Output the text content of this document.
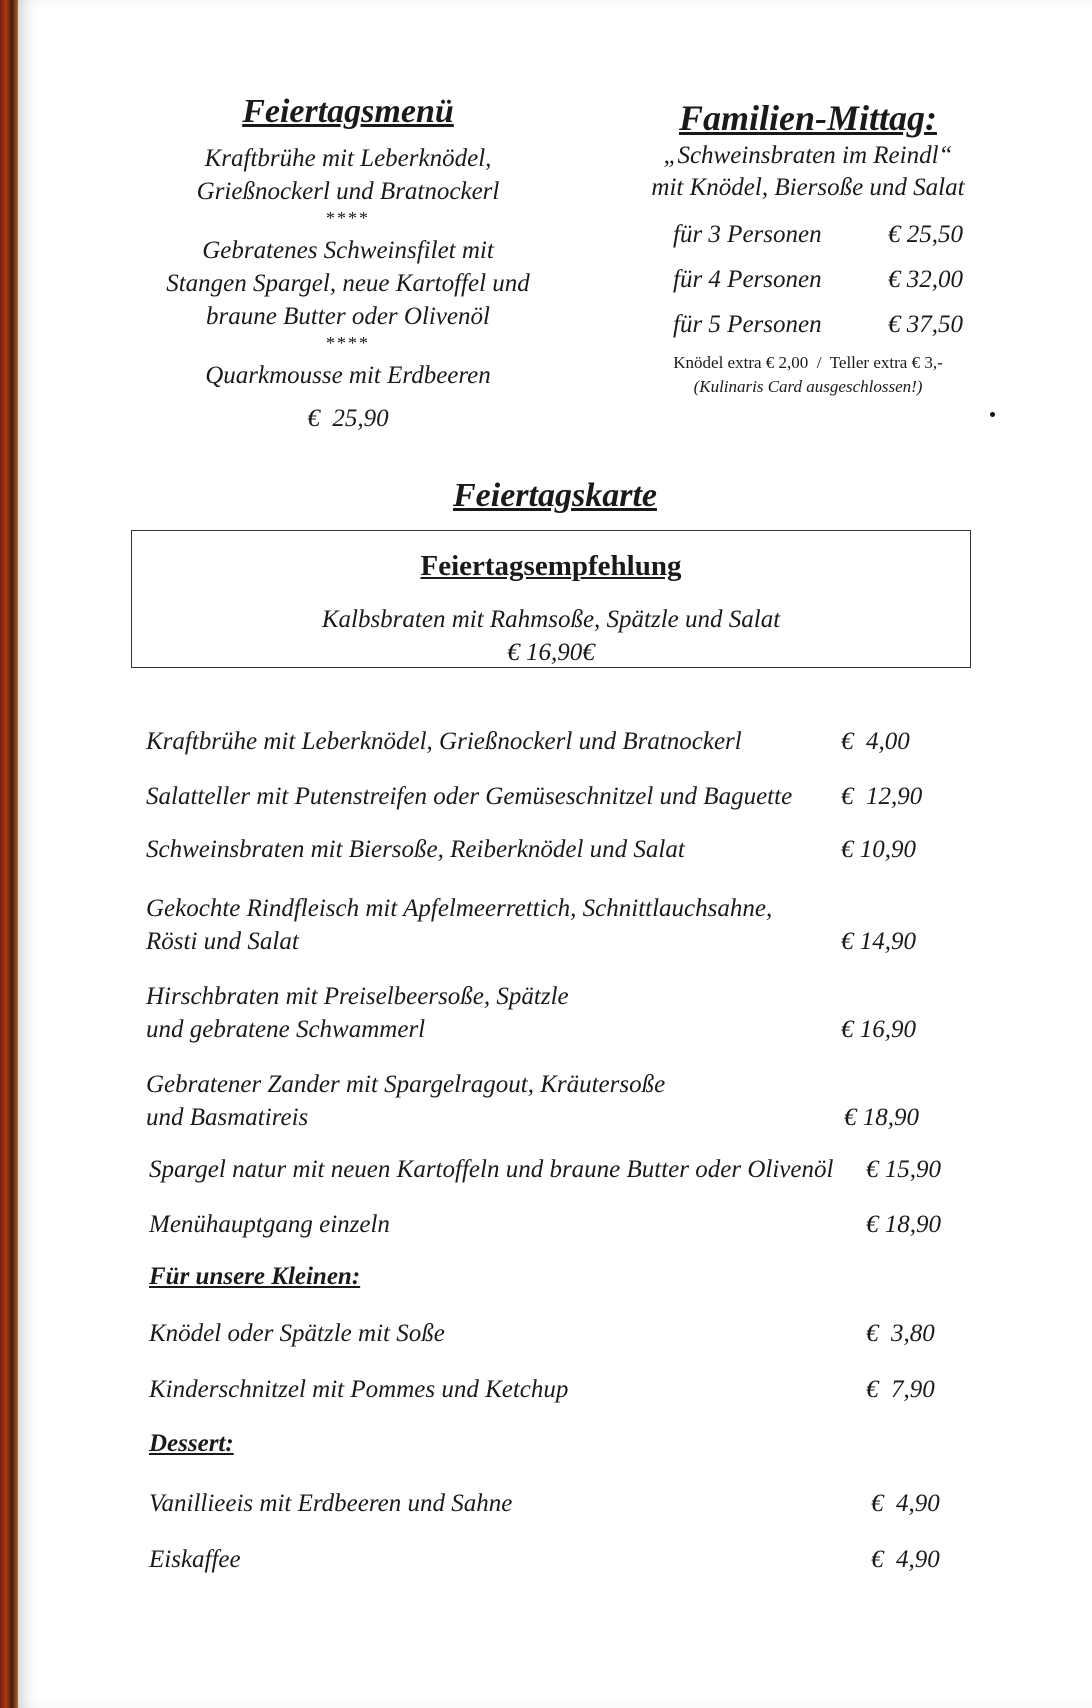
Feiertagsmenü
Kraftbrühe mit Leberknödel,
Grießnockerl und Bratnockerl
****
Gebratenes Schweinsfilet mit
Stangen Spargel, neue Kartoffel und
braune Butter oder Olivenöl
****
Quarkmousse mit Erdbeeren
€  25,90
Familien-Mittag:
„Schweinsbraten im Reindl“
mit Knödel, Biersoße und Salat
für 3 Personen	€ 25,50
für 4 Personen	€ 32,00
für 5 Personen	€ 37,50
Knödel extra € 2,00  /  Teller extra € 3,-
(Kulinaris Card ausgeschlossen!)
Feiertagskarte
Feiertagsempfehlung
Kalbsbraten mit Rahmsoße, Spätzle und Salat
€ 16,90€
Kraftbrühe mit Leberknödel, Grießnockerl und Bratnockerl	€  4,00
Salatteller mit Putenstreifen oder Gemüseschnitzel und Baguette	€  12,90
Schweinsbraten mit Biersoße, Reiberknödel und Salat	€ 10,90
Gekochte Rindfleisch mit Apfelmeerrettich, Schnittlauchsahne,
Rösti und Salat	€ 14,90
Hirschbraten mit Preiselbeersoße, Spätzle
und gebratene Schwammerl	€ 16,90
Gebratener Zander mit Spargelragout, Kräutersoße
und Basmatireis	€ 18,90
Spargel natur mit neuen Kartoffeln und braune Butter oder Olivenöl	€ 15,90
Menühauptgang einzeln	€ 18,90
Für unsere Kleinen:
Knödel oder Spätzle mit Soße	€  3,80
Kinderschnitzel mit Pommes und Ketchup	€  7,90
Dessert:
Vanillieeis mit Erdbeeren und Sahne	€  4,90
Eiskaffee	€  4,90
